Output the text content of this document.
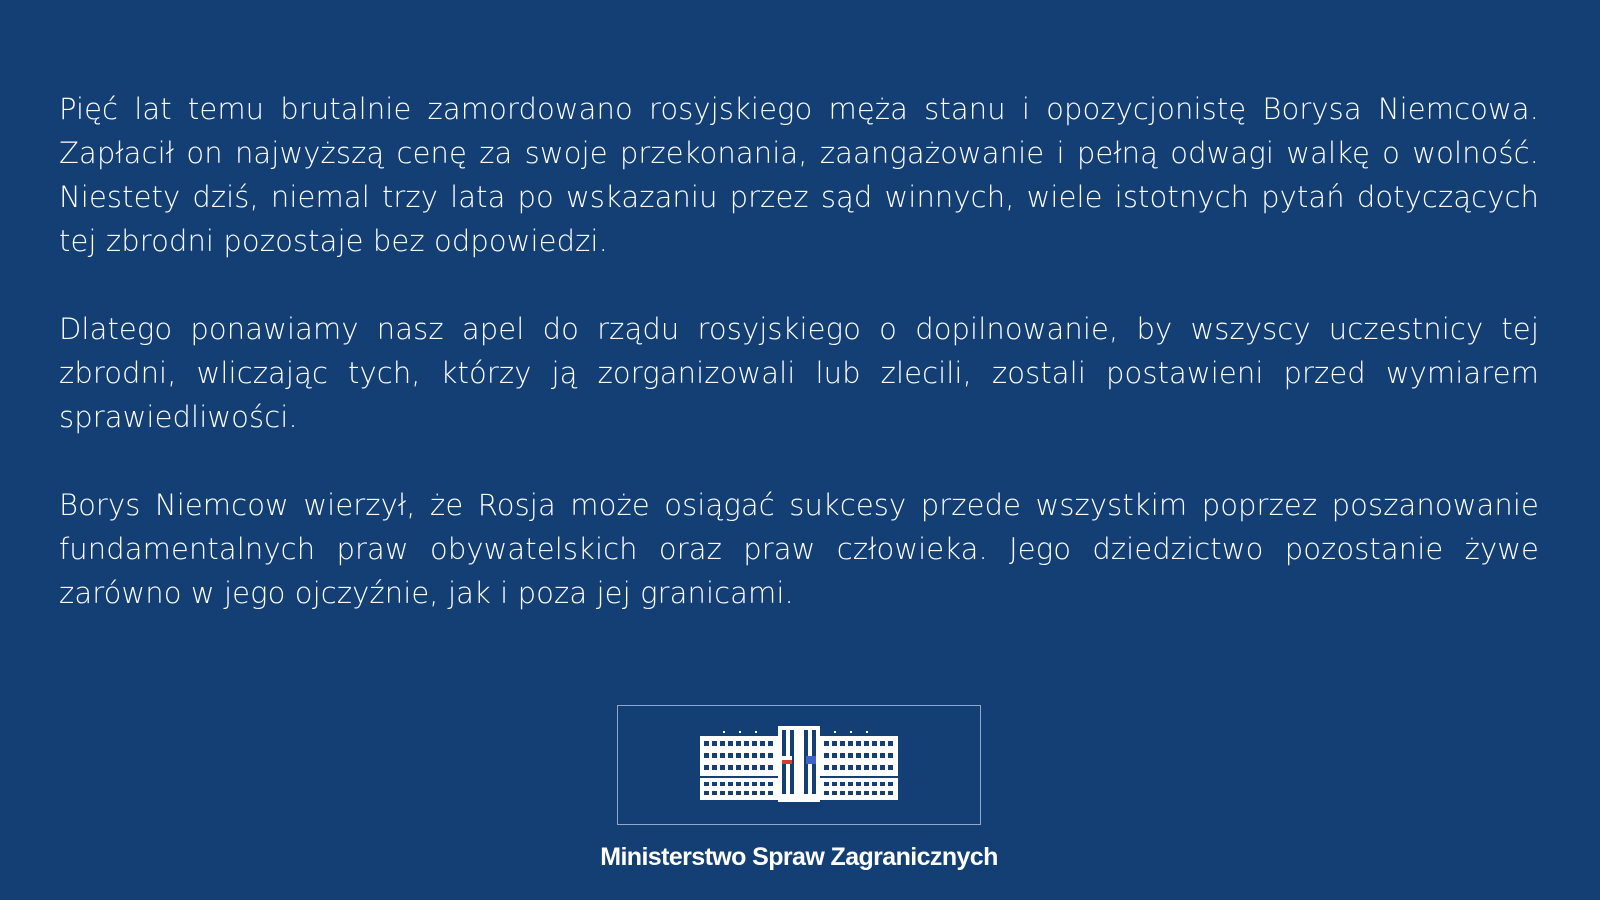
Pięć lat temu brutalnie zamordowano rosyjskiego męża stanu i opozycjonistę Borysa Niemcowa. Zapłacił on najwyższą cenę za swoje przekonania, zaangażowanie i pełną odwagi walkę o wolność. Niestety dziś, niemal trzy lata po wskazaniu przez sąd winnych, wiele istotnych pytań dotyczących tej zbrodni pozostaje bez odpowiedzi.

Dlatego ponawiamy nasz apel do rządu rosyjskiego o dopilnowanie, by wszyscy uczestnicy tej zbrodni, wliczając tych, którzy ją zorganizowali lub zlecili, zostali postawieni przed wymiarem sprawiedliwości.

Borys Niemcow wierzył, że Rosja może osiągać sukcesy przede wszystkim poprzez poszanowanie fundamentalnych praw obywatelskich oraz praw człowieka. Jego dziedzictwo pozostanie żywe zarówno w jego ojczyźnie, jak i poza jej granicami.

Ministerstwo Spraw Zagranicznych
